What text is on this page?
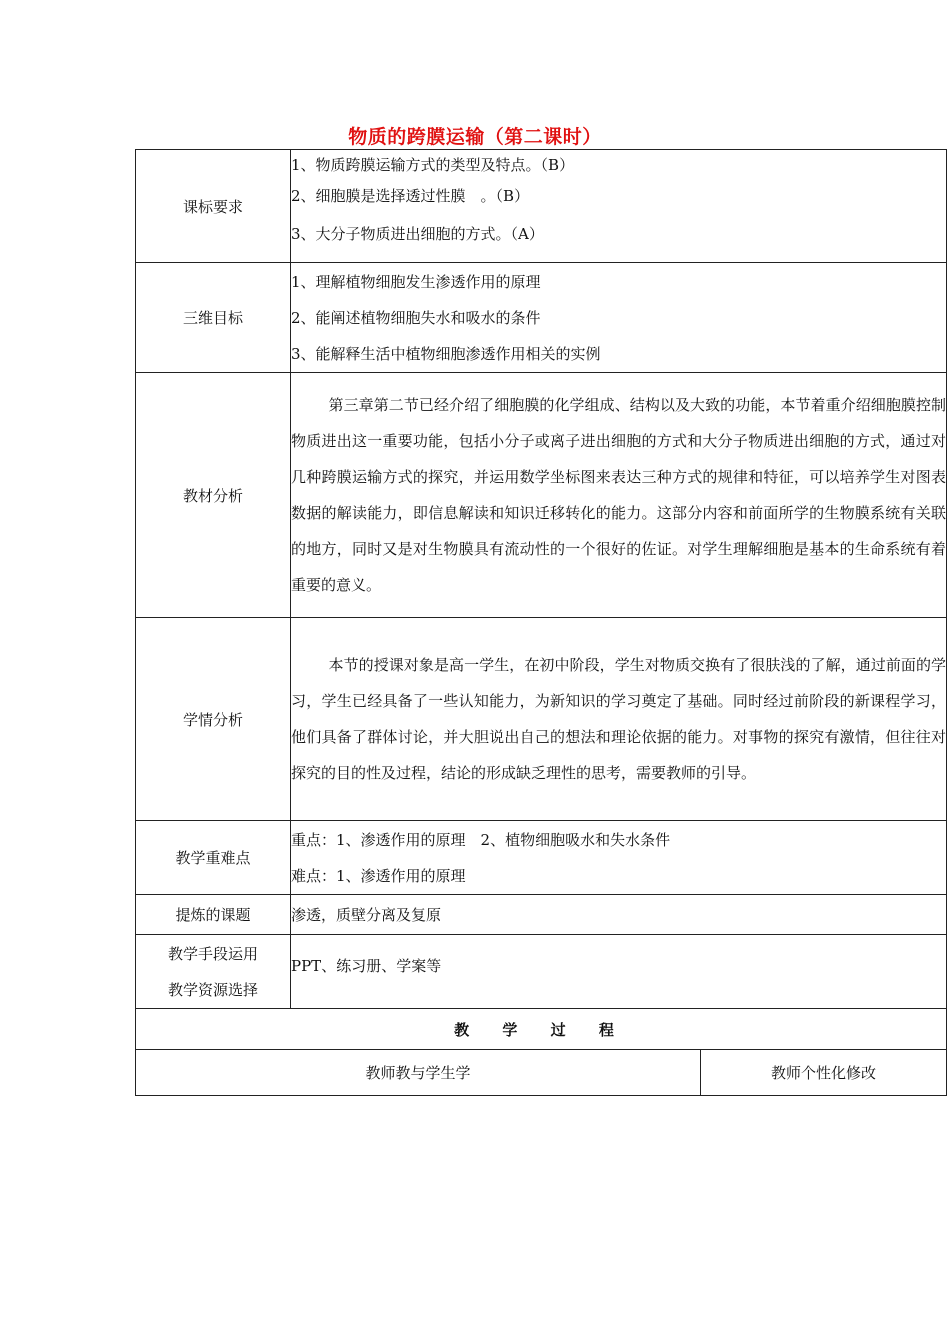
物质的跨膜运输（第二课时）
课标要求	1、物质跨膜运输方式的类型及特点。（B）
2、细胞膜是选择透过性膜　。（B）
3、大分子物质进出细胞的方式。（A）	

三维目标	1、理解植物细胞发生渗透作用的原理
2、能阐述植物细胞失水和吸水的条件
3、能解释生活中植物细胞渗透作用相关的实例	

教材分析	第三章第二节已经介绍了细胞膜的化学组成、结构以及大致的功能，本节着重介绍细胞膜控制物质进出这一重要功能，包括小分子或离子进出细胞的方式和大分子物质进出细胞的方式，通过对几种跨膜运输方式的探究，并运用数学坐标图来表达三种方式的规律和特征，可以培养学生对图表数据的解读能力，即信息解读和知识迁移转化的能力。这部分内容和前面所学的生物膜系统有关联的地方，同时又是对生物膜具有流动性的一个很好的佐证。对学生理解细胞是基本的生命系统有着重要的意义。	

学情分析	本节的授课对象是高一学生，在初中阶段，学生对物质交换有了很肤浅的了解，通过前面的学习，学生已经具备了一些认知能力，为新知识的学习奠定了基础。同时经过前阶段的新课程学习，他们具备了群体讨论，并大胆说出自己的想法和理论依据的能力。对事物的探究有激情，但往往对探究的目的性及过程，结论的形成缺乏理性的思考，需要教师的引导。	

教学重难点	重点：1、渗透作用的原理　2、植物细胞吸水和失水条件
难点：1、渗透作用的原理	

提炼的课题	渗透，质壁分离及复原	

教学手段运用
教学资源选择	PPT、练习册、学案等	
教 学 过 程		
教师教与学生学		教师个性化修改
